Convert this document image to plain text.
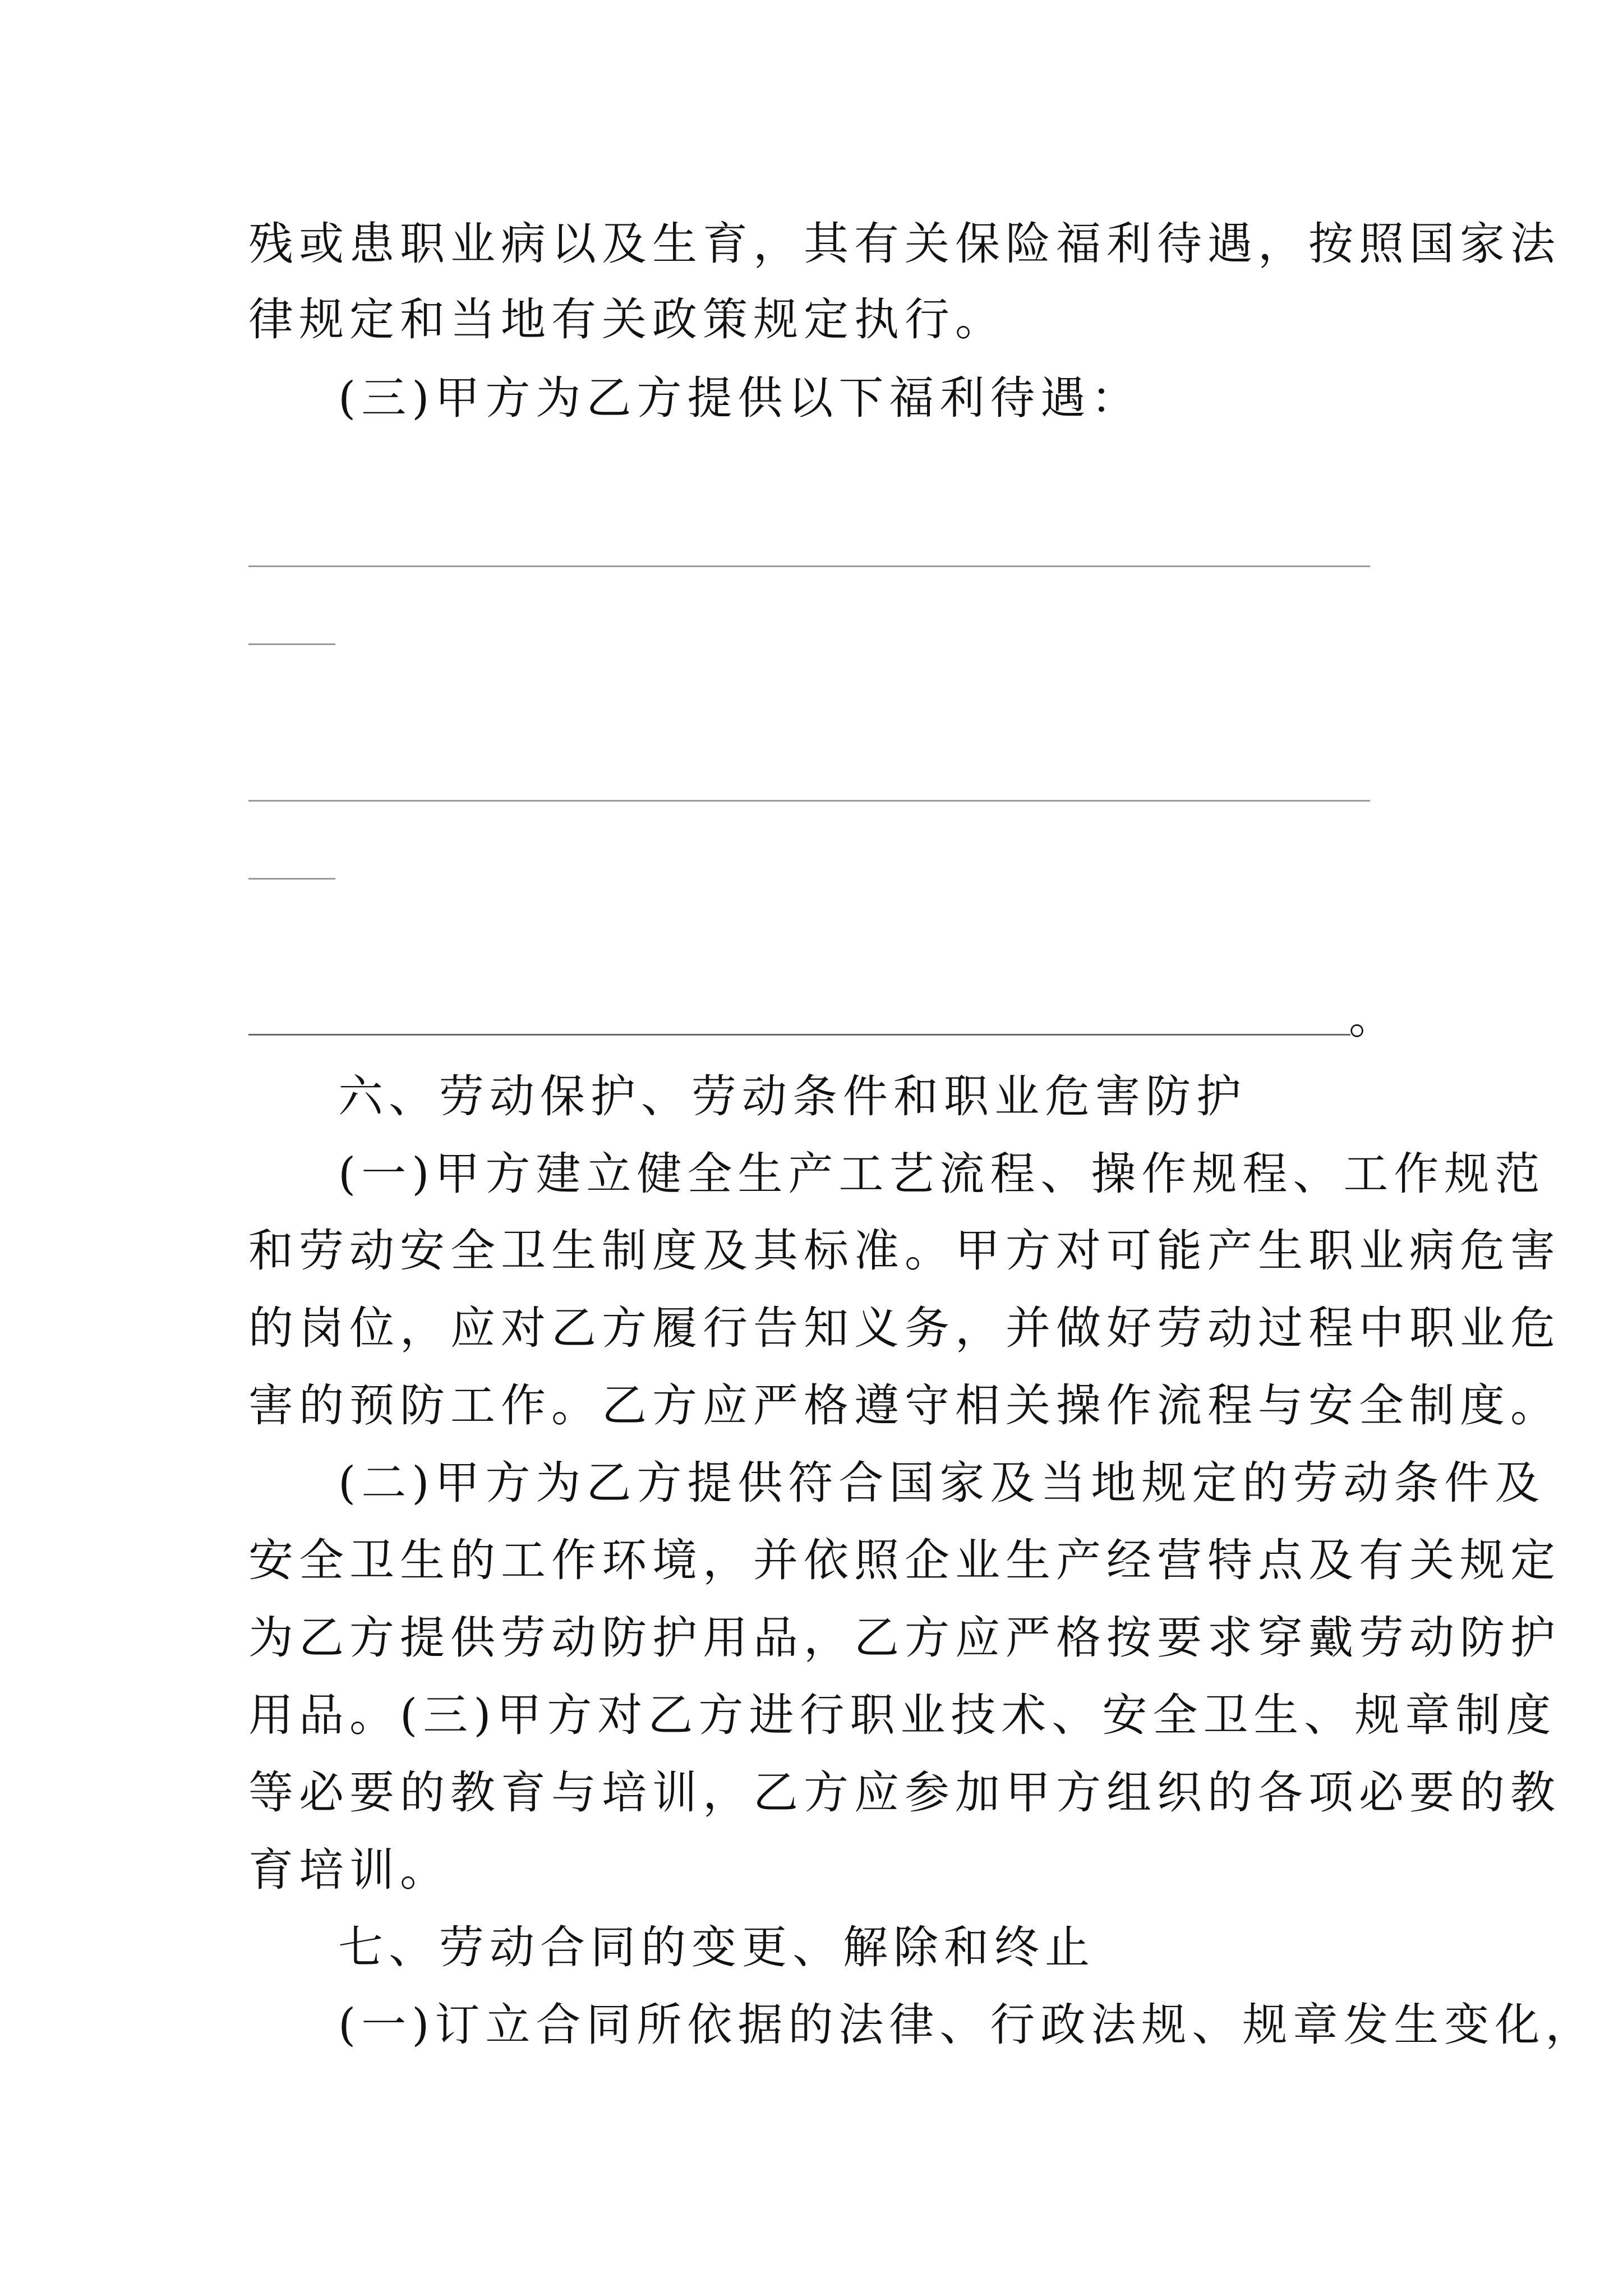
残或患职业病以及生育，其有关保险福利待遇，按照国家法
律规定和当地有关政策规定执行。
(三)甲方为乙方提供以下福利待遇：
。
六、劳动保护、劳动条件和职业危害防护
(一)甲方建立健全生产工艺流程、操作规程、工作规范
和劳动安全卫生制度及其标准。甲方对可能产生职业病危害
的岗位，应对乙方履行告知义务，并做好劳动过程中职业危
害的预防工作。乙方应严格遵守相关操作流程与安全制度。
(二)甲方为乙方提供符合国家及当地规定的劳动条件及
安全卫生的工作环境，并依照企业生产经营特点及有关规定
为乙方提供劳动防护用品，乙方应严格按要求穿戴劳动防护
用品。(三)甲方对乙方进行职业技术、安全卫生、规章制度
等必要的教育与培训，乙方应参加甲方组织的各项必要的教
育培训。
七、劳动合同的变更、解除和终止
(一)订立合同所依据的法律、行政法规、规章发生变化，
